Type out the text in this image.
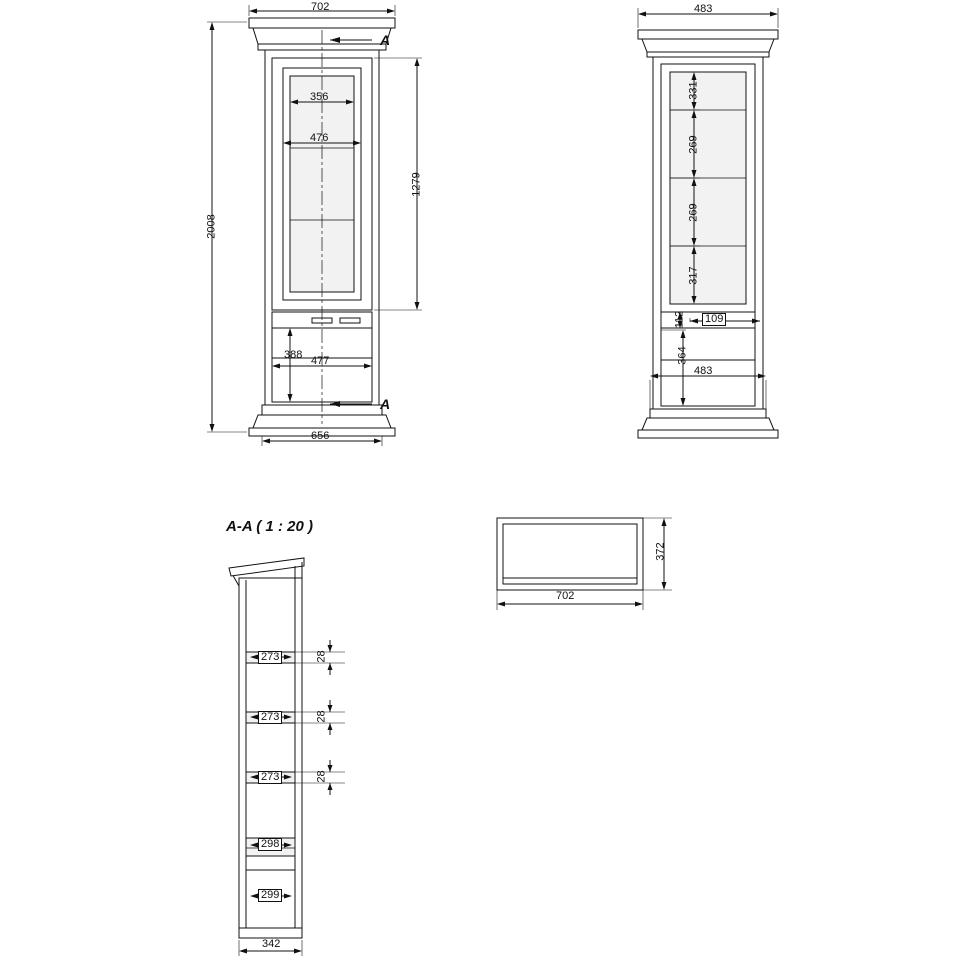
702
656
2008
1279
356
476
477
388
A
A
483
483
331
269
269
317
112 109
364
A-A ( 1 : 20 )
273
273
273
298
299
28
28
28
342
372
702
